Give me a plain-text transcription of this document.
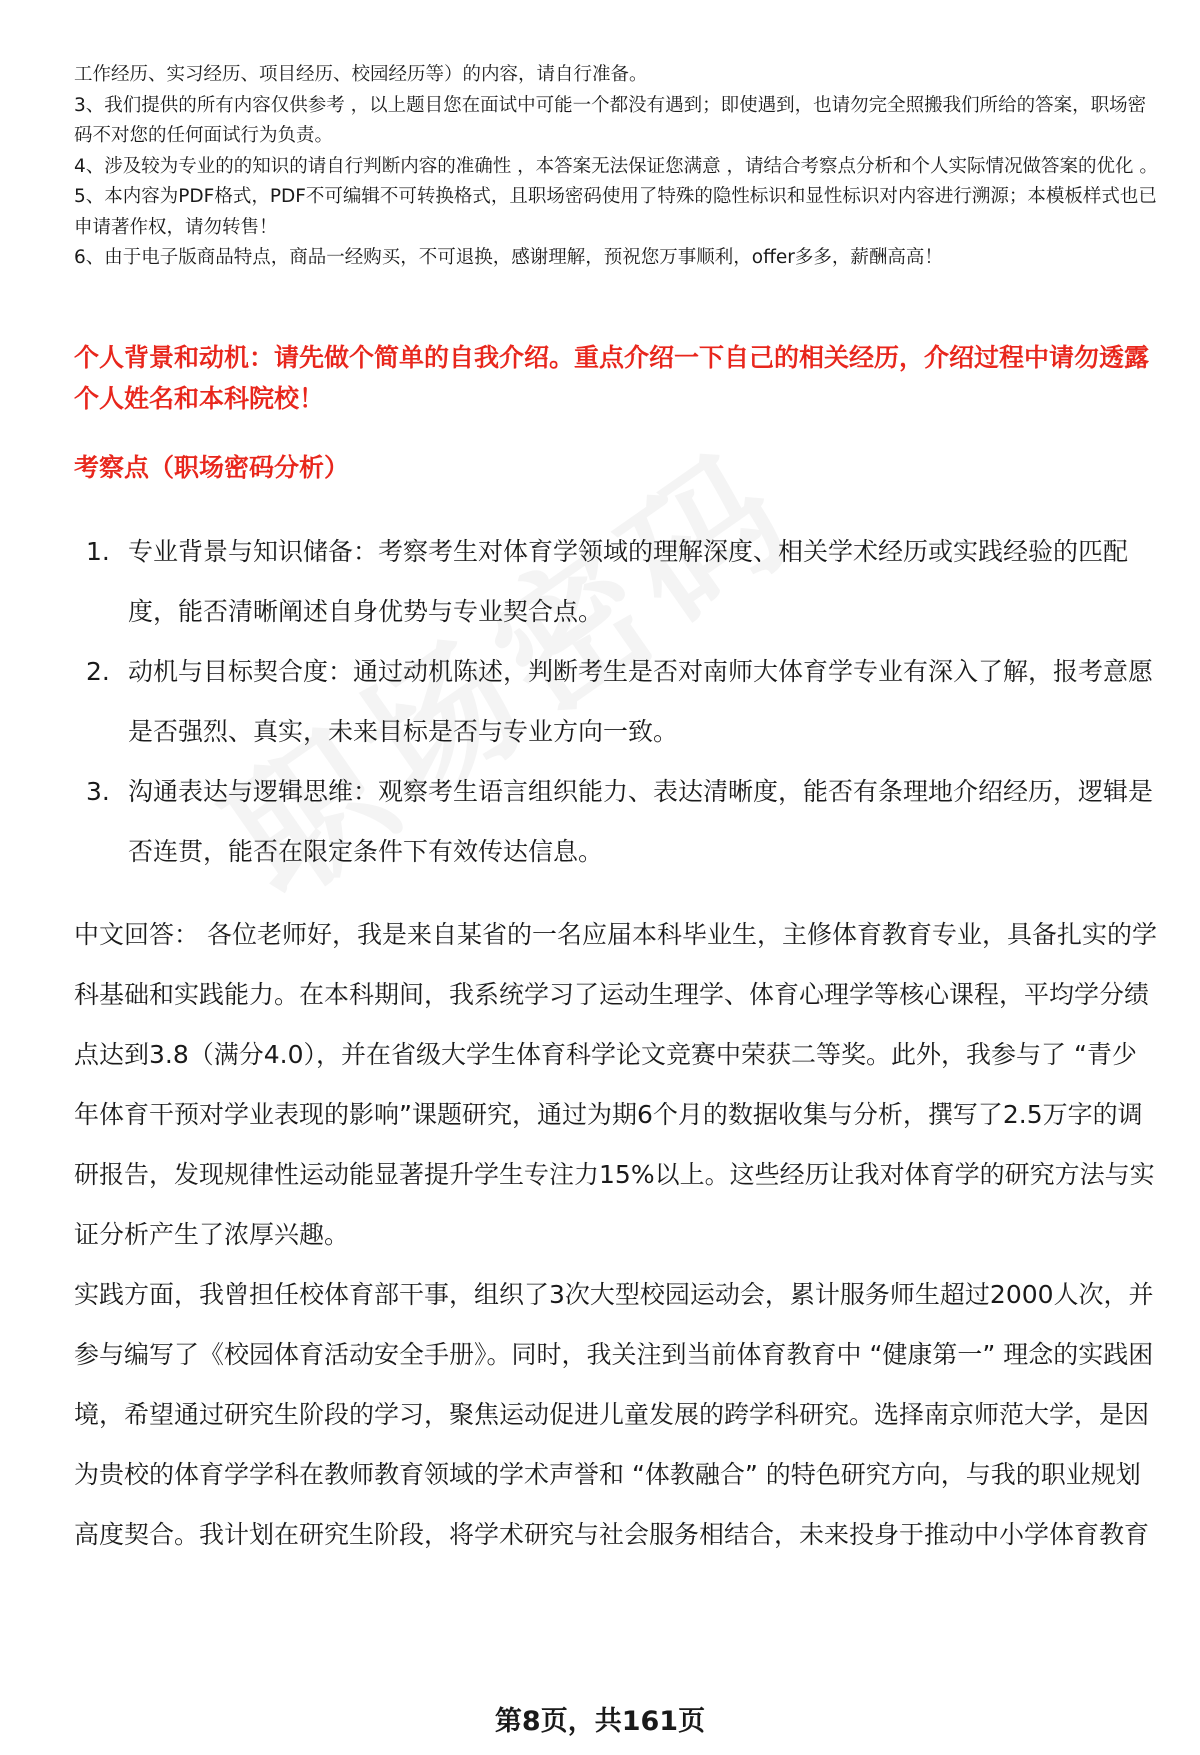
工作经历、实习经历、项目经历、校园经历等）的内容，请自行准备。

3、我们提供的所有内容仅供参考 ，以上题目您在面试中可能一个都没有遇到；即使遇到，也请勿完全照搬我们所给的答案，职场密码不对您的任何面试行为负责。

4、涉及较为专业的的知识的请自行判断内容的准确性 ，本答案无法保证您满意 ，请结合考察点分析和个人实际情况做答案的优化 。

5、本内容为PDF格式，PDF不可编辑不可转换格式，且职场密码使用了特殊的隐性标识和显性标识对内容进行溯源；本模板样式也已申请著作权，请勿转售！

6、由于电子版商品特点，商品一经购买，不可退换，感谢理解，预祝您万事顺利，offer多多，薪酬高高！

个人背景和动机：请先做个简单的自我介绍。重点介绍一下自己的相关经历，介绍过程中请勿透露个人姓名和本科院校！
考察点（职场密码分析）
1. 专业背景与知识储备：考察考生对体育学领域的理解深度、相关学术经历或实践经验的匹配度，能否清晰阐述自身优势与专业契合点。
2. 动机与目标契合度：通过动机陈述，判断考生是否对南师大体育学专业有深入了解，报考意愿是否强烈、真实，未来目标是否与专业方向一致。
3. 沟通表达与逻辑思维：观察考生语言组织能力、表达清晰度，能否有条理地介绍经历，逻辑是否连贯，能否在限定条件下有效传达信息。

中文回答： 各位老师好，我是来自某省的一名应届本科毕业生，主修体育教育专业，具备扎实的学科基础和实践能力。在本科期间，我系统学习了运动生理学、体育心理学等核心课程，平均学分绩点达到3.8（满分4.0），并在省级大学生体育科学论文竞赛中荣获二等奖。此外，我参与了 “青少年体育干预对学业表现的影响”课题研究，通过为期6个月的数据收集与分析，撰写了2.5万字的调研报告，发现规律性运动能显著提升学生专注力15%以上。这些经历让我对体育学的研究方法与实证分析产生了浓厚兴趣。

实践方面，我曾担任校体育部干事，组织了3次大型校园运动会，累计服务师生超过2000人次，并参与编写了《校园体育活动安全手册》。同时，我关注到当前体育教育中 “健康第一” 理念的实践困境，希望通过研究生阶段的学习，聚焦运动促进儿童发展的跨学科研究。选择南京师范大学，是因为贵校的体育学学科在教师教育领域的学术声誉和 “体教融合” 的特色研究方向，与我的职业规划高度契合。我计划在研究生阶段，将学术研究与社会服务相结合，未来投身于推动中小学体育教育

第8页，共161页
